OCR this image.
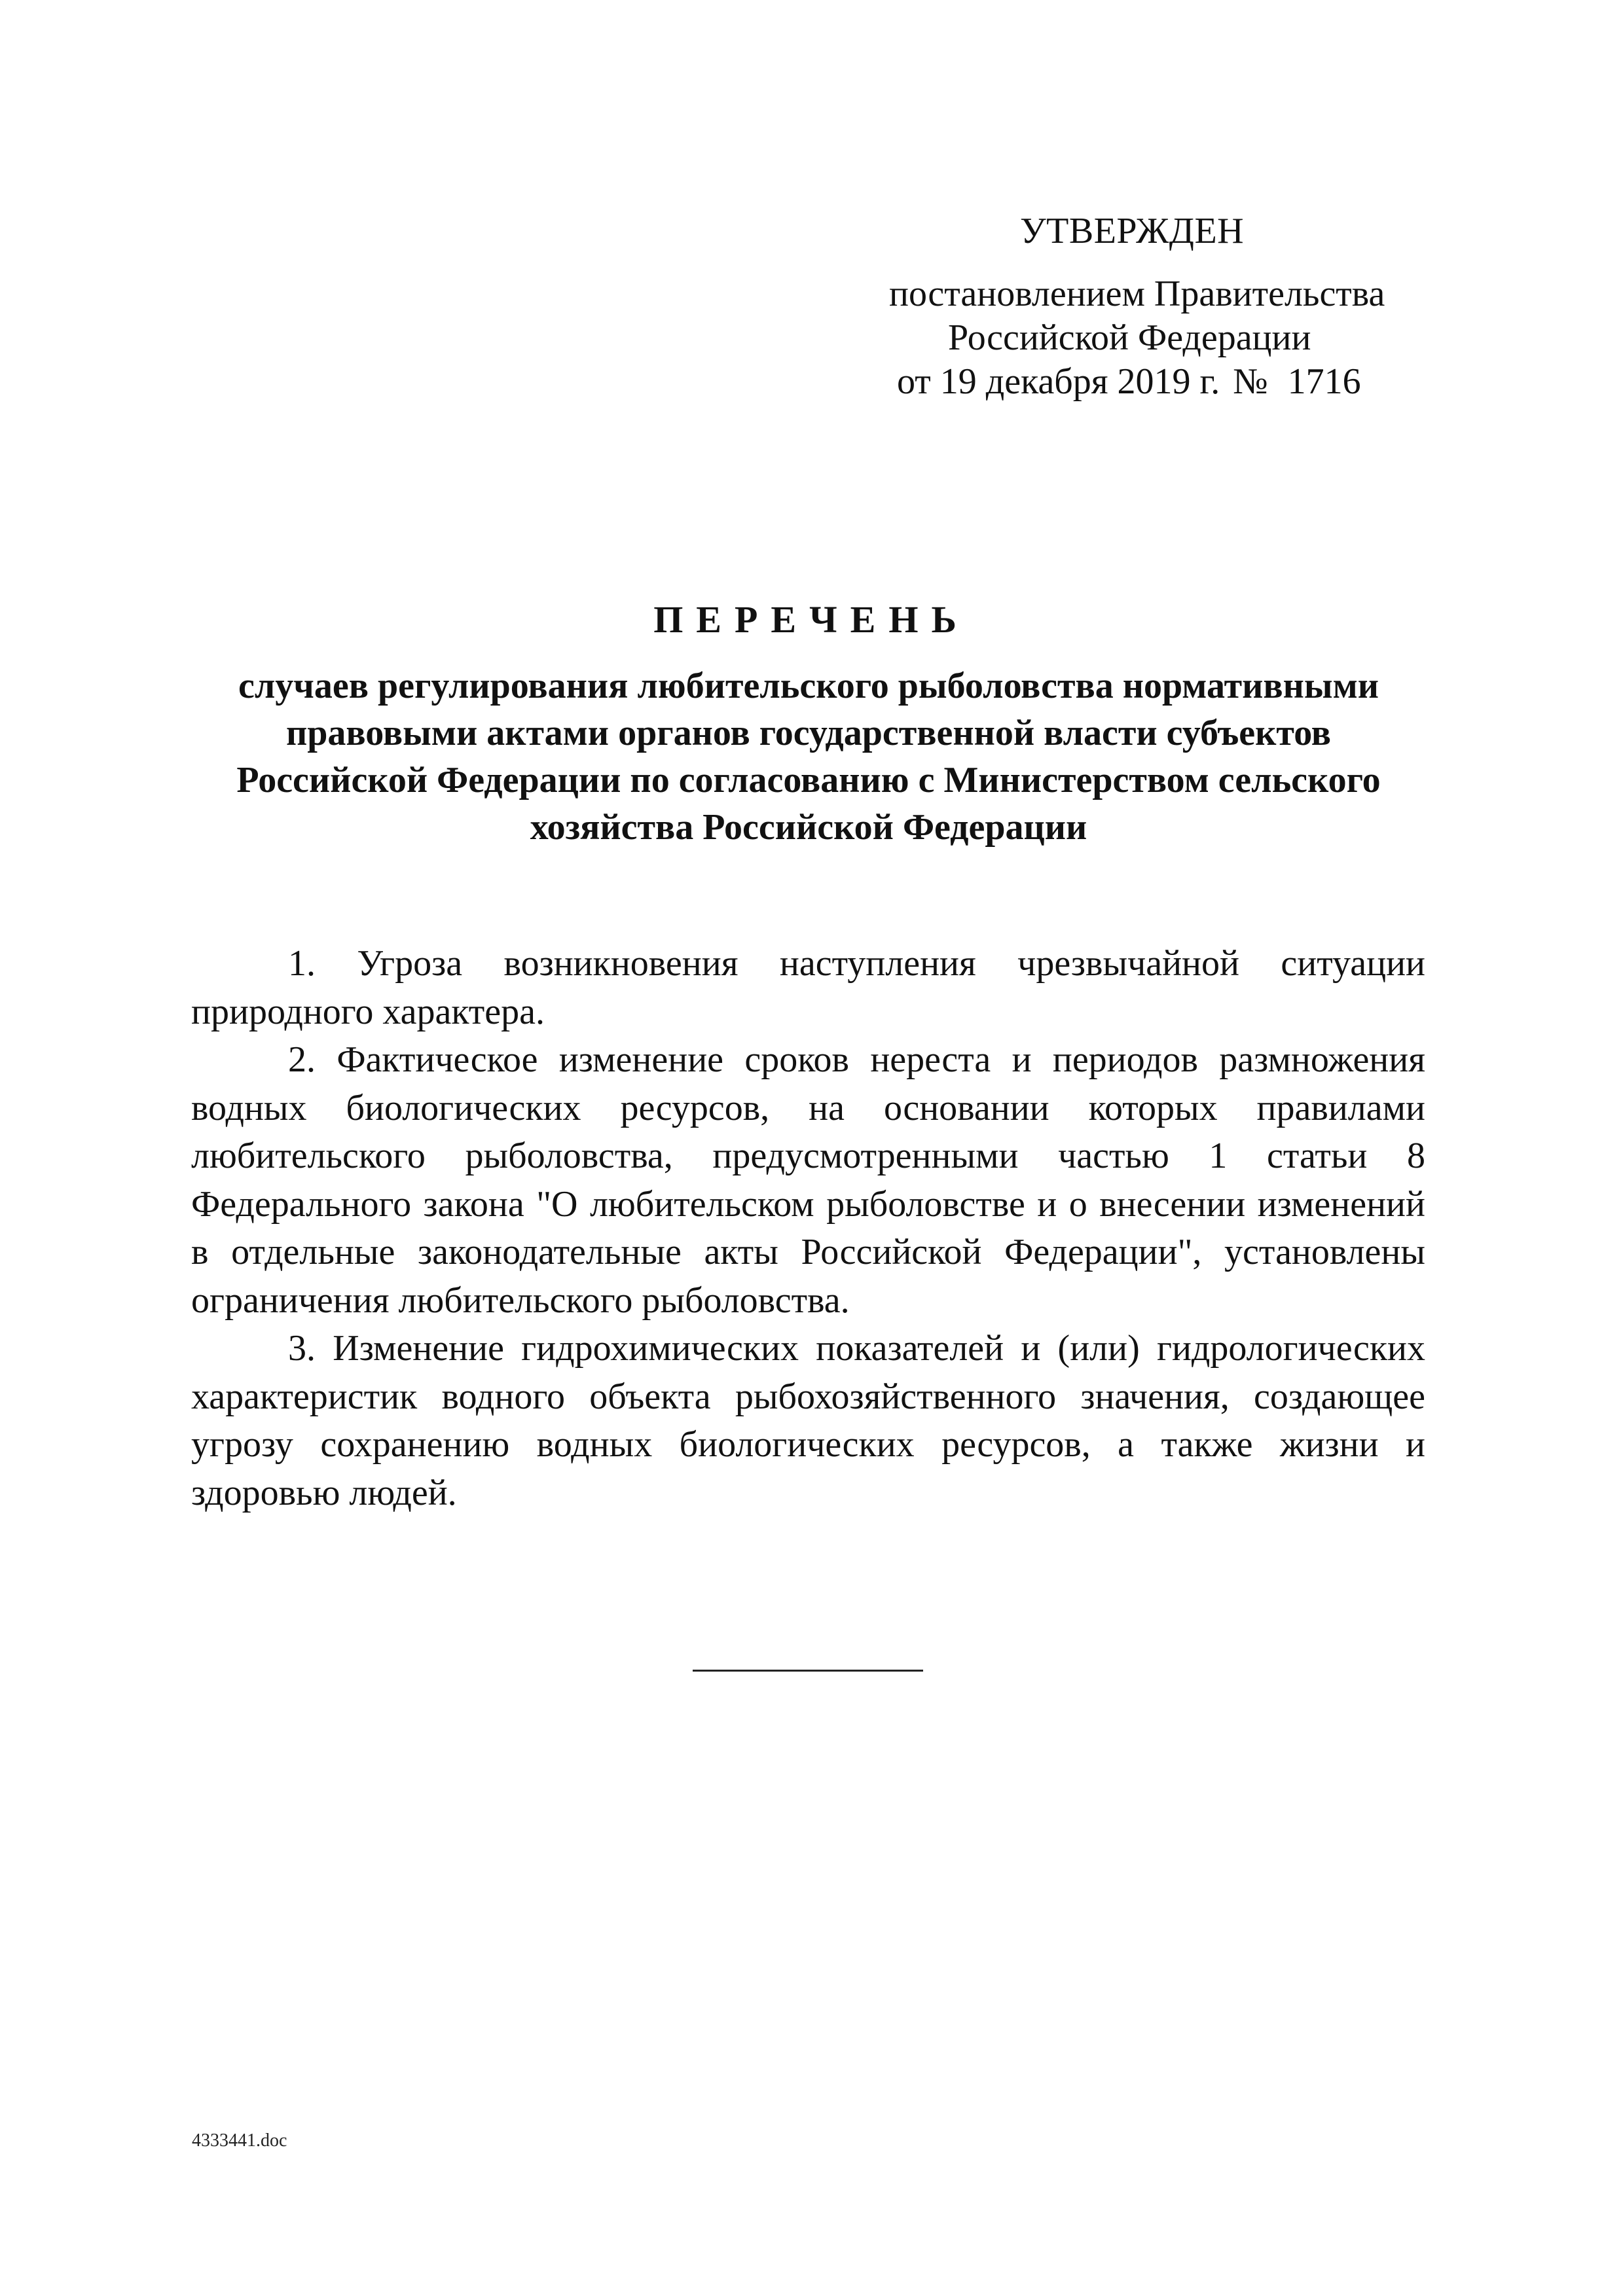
УТВЕРЖДЕН
постановлением Правительства
Российской Федерации
от 19 декабря 2019 г. № 1716
ПЕРЕЧЕНЬ
случаев регулирования любительского рыболовства нормативными
правовыми актами органов государственной власти субъектов
Российской Федерации по согласованию с Министерством сельского
хозяйства Российской Федерации

1. Угроза возникновения наступления чрезвычайной ситуации природного характера.

2. Фактическое изменение сроков нереста и периодов размножения водных биологических ресурсов, на основании которых правилами любительского рыболовства, предусмотренными частью 1 статьи 8 Федерального закона "О любительском рыболовстве и о внесении изменений в отдельные законодательные акты Российской Федерации", установлены ограничения любительского рыболовства.

3. Изменение гидрохимических показателей и (или) гидрологических характеристик водного объекта рыбохозяйственного значения, создающее угрозу сохранению водных биологических ресурсов, а также жизни и здоровью людей.

4333441.doc
